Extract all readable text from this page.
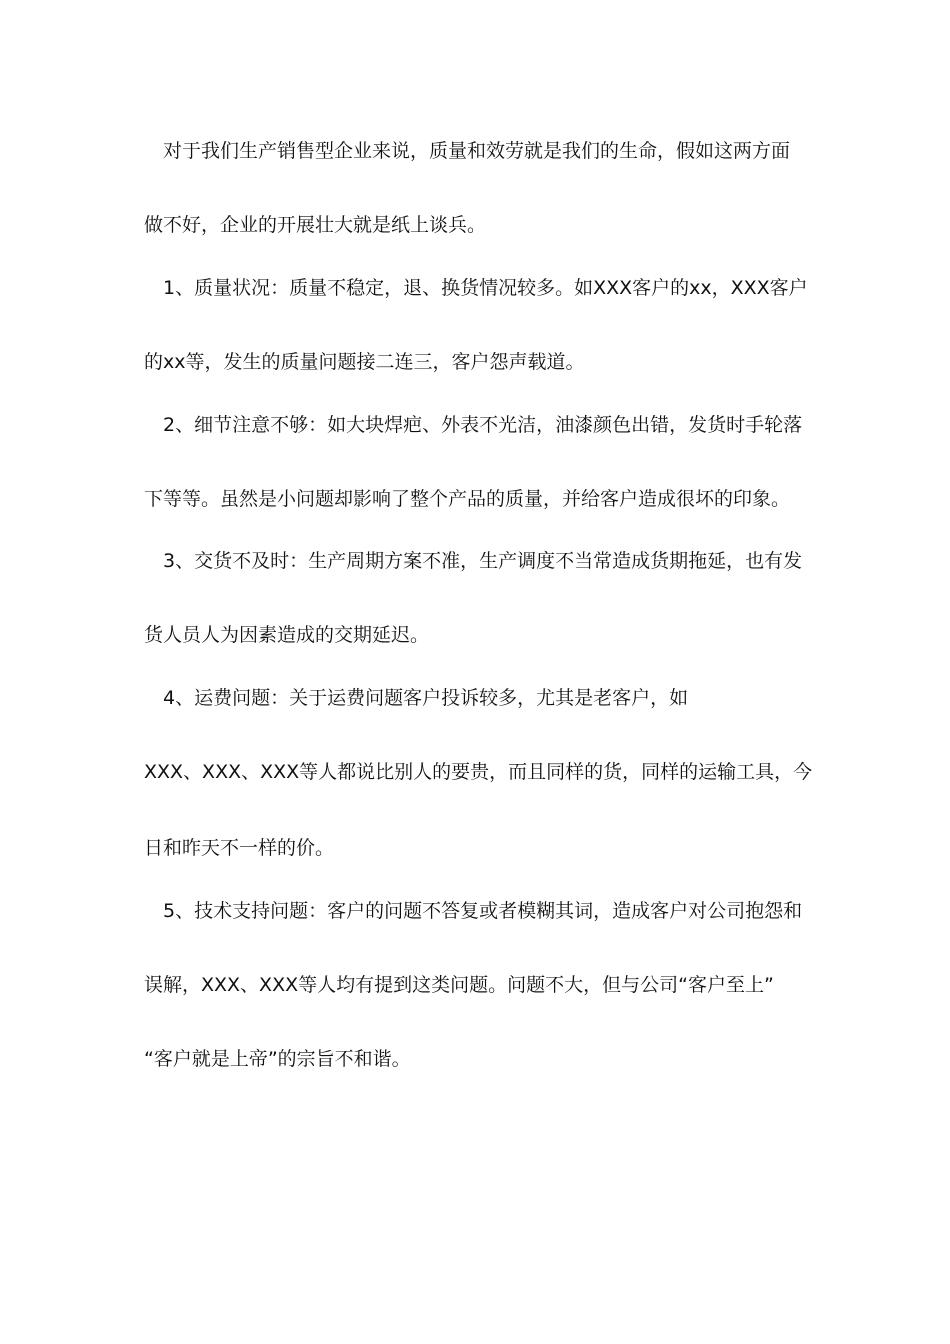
对于我们生产销售型企业来说，质量和效劳就是我们的生命，假如这两方面
做不好，企业的开展壮大就是纸上谈兵。
1、质量状况：质量不稳定，退、换货情况较多。如XXX客户的xx，XXX客户
的xx等，发生的质量问题接二连三，客户怨声载道。
2、细节注意不够：如大块焊疤、外表不光洁，油漆颜色出错，发货时手轮落
下等等。虽然是小问题却影响了整个产品的质量，并给客户造成很坏的印象。
3、交货不及时：生产周期方案不准，生产调度不当常造成货期拖延，也有发
货人员人为因素造成的交期延迟。
4、运费问题：关于运费问题客户投诉较多，尤其是老客户，如
XXX、XXX、XXX等人都说比别人的要贵，而且同样的货，同样的运输工具，今
日和昨天不一样的价。
5、技术支持问题：客户的问题不答复或者模糊其词，造成客户对公司抱怨和
误解，XXX、XXX等人均有提到这类问题。问题不大，但与公司“客户至上”
“客户就是上帝”的宗旨不和谐。
